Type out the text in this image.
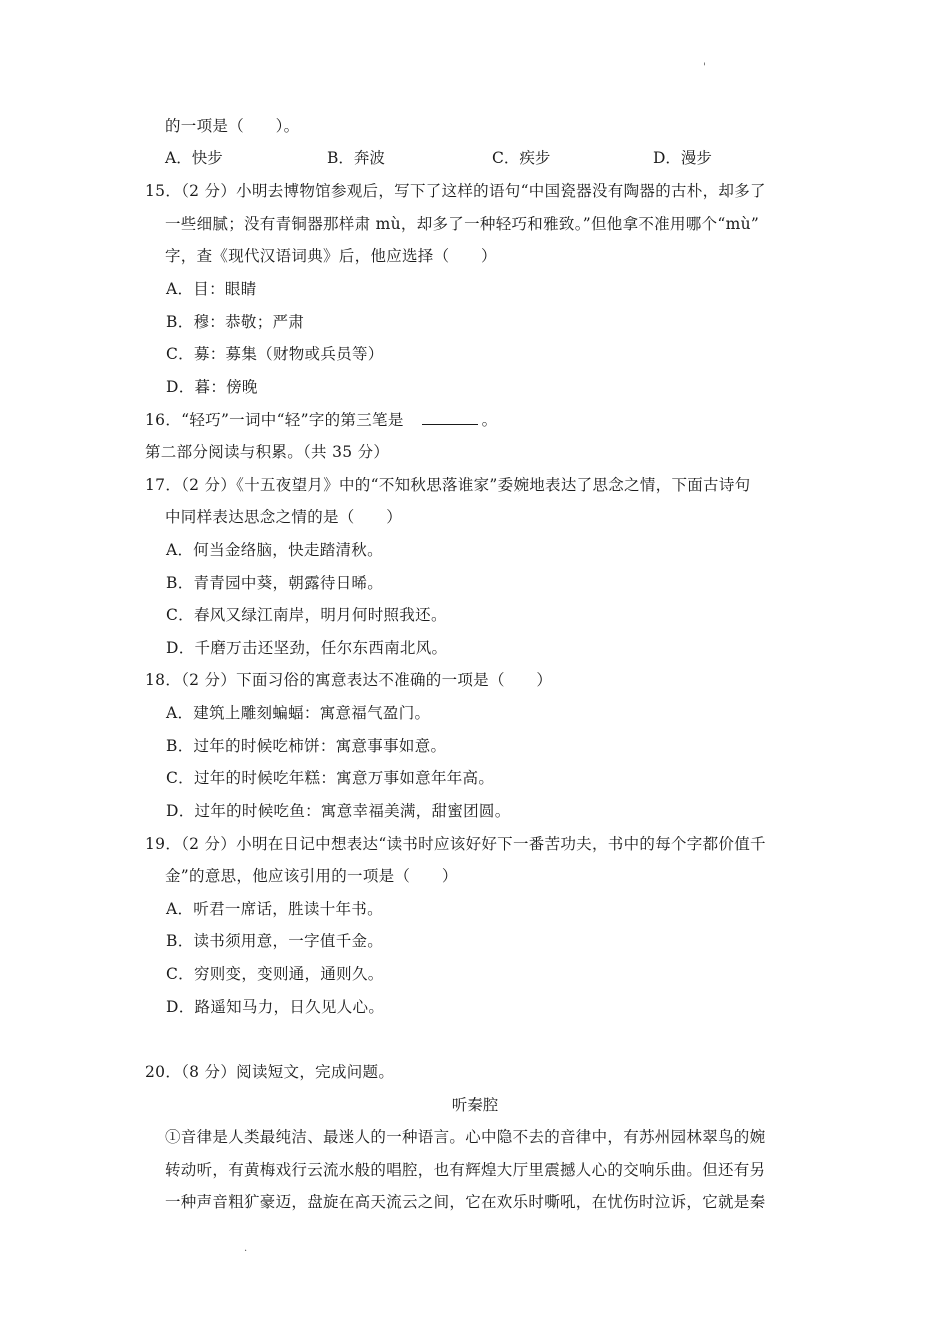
'
的一项是（　　）。
A．快步	B．奔波	C．疾步	D．漫步
15．（2 分）小明去博物馆参观后，写下了这样的语句“中国瓷器没有陶器的古朴，却多了
一些细腻；没有青铜器那样肃 mù，却多了一种轻巧和雅致。”但他拿不准用哪个“mù”
字，查《现代汉语词典》后，他应选择（　　）
A．目：眼睛
B．穆：恭敬；严肃
C．募：募集（财物或兵员等）
D．暮：傍晚
16．“轻巧”一词中“轻”字的第三笔是	。
第二部分阅读与积累。（共 35 分）
17．（2 分）《十五夜望月》中的“不知秋思落谁家”委婉地表达了思念之情，下面古诗句
中同样表达思念之情的是（　　）
A．何当金络脑，快走踏清秋。
B．青青园中葵，朝露待日晞。
C．春风又绿江南岸，明月何时照我还。
D．千磨万击还坚劲，任尔东西南北风。
18．（2 分）下面习俗的寓意表达不准确的一项是（　　）
A．建筑上雕刻蝙蝠：寓意福气盈门。
B．过年的时候吃柿饼：寓意事事如意。
C．过年的时候吃年糕：寓意万事如意年年高。
D．过年的时候吃鱼：寓意幸福美满，甜蜜团圆。
19．（2 分）小明在日记中想表达“读书时应该好好下一番苦功夫，书中的每个字都价值千
金”的意思，他应该引用的一项是（　　）
A．听君一席话，胜读十年书。
B．读书须用意，一字值千金。
C．穷则变，变则通，通则久。
D．路遥知马力，日久见人心。
20．（8 分）阅读短文，完成问题。
听秦腔
①音律是人类最纯洁、最迷人的一种语言。心中隐不去的音律中，有苏州园林翠鸟的婉
转动听，有黄梅戏行云流水般的唱腔，也有辉煌大厅里震撼人心的交响乐曲。但还有另
一种声音粗犷豪迈，盘旋在高天流云之间，它在欢乐时嘶吼，在忧伤时泣诉，它就是秦
.
